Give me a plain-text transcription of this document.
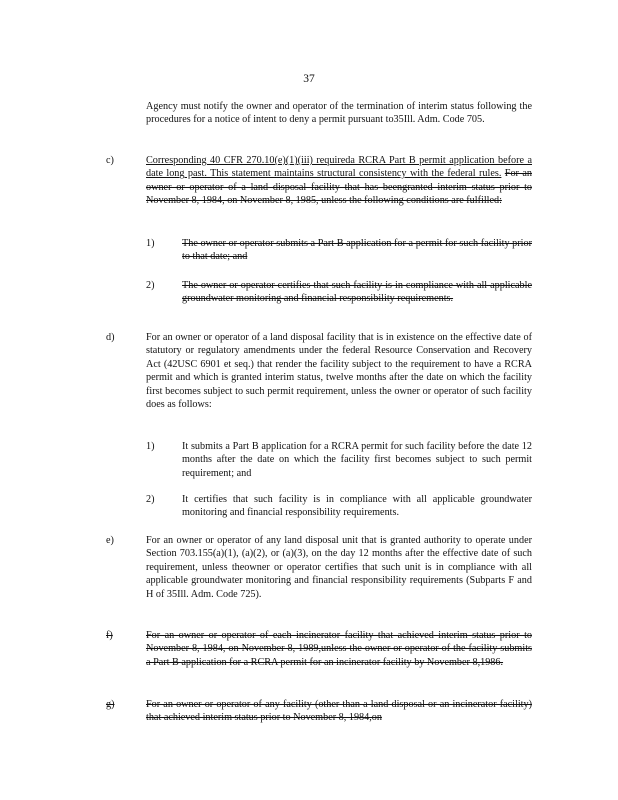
37
Agency must notify the owner and operator of the termination of interim status following the procedures for a notice of intent to deny a permit pursuant to35Ill. Adm. Code 705.
c)	Corresponding 40 CFR 270.10(e)(1)(iii) requireda RCRA Part B permit application before a date long past. This statement maintains structural consistency with the federal rules. For an owner or operator of a land disposal facility that has beengranted interim status prior to November 8, 1984, on November 8, 1985, unless the following conditions are fulfilled:
1)	The owner or operator submits a Part B application for a permit for such facility prior to that date; and
2)	The owner or operator certifies that such facility is in compliance with all applicable groundwater monitoring and financial responsibility requirements.
d)	For an owner or operator of a land disposal facility that is in existence on the effective date of statutory or regulatory amendments under the federal Resource Conservation and Recovery Act (42USC 6901 et seq.) that render the facility subject to the requirement to have a RCRA permit and which is granted interim status, twelve months after the date on which the facility first becomes subject to such permit requirement, unless the owner or operator of such facility does as follows:
1)	It submits a Part B application for a RCRA permit for such facility before the date 12 months after the date on which the facility first becomes subject to such permit requirement; and
2)	It certifies that such facility is in compliance with all applicable groundwater monitoring and financial responsibility requirements.
e)	For an owner or operator of any land disposal unit that is granted authority to operate under Section 703.155(a)(1), (a)(2), or (a)(3), on the day 12 months after the effective date of such requirement, unless theowner or operator certifies that such unit is in compliance with all applicable groundwater monitoring and financial responsibility requirements (Subparts F and H of 35Ill. Adm. Code 725).
f)	For an owner or operator of each incinerator facility that achieved interim status prior to November 8, 1984, on November 8, 1989,unless the owner or operator of the facility submits a Part B application for a RCRA permit for an incinerator facility by November 8,1986.
g)	For an owner or operator of any facility (other than a land disposal or an incinerator facility) that achieved interim status prior to November 8, 1984,on
